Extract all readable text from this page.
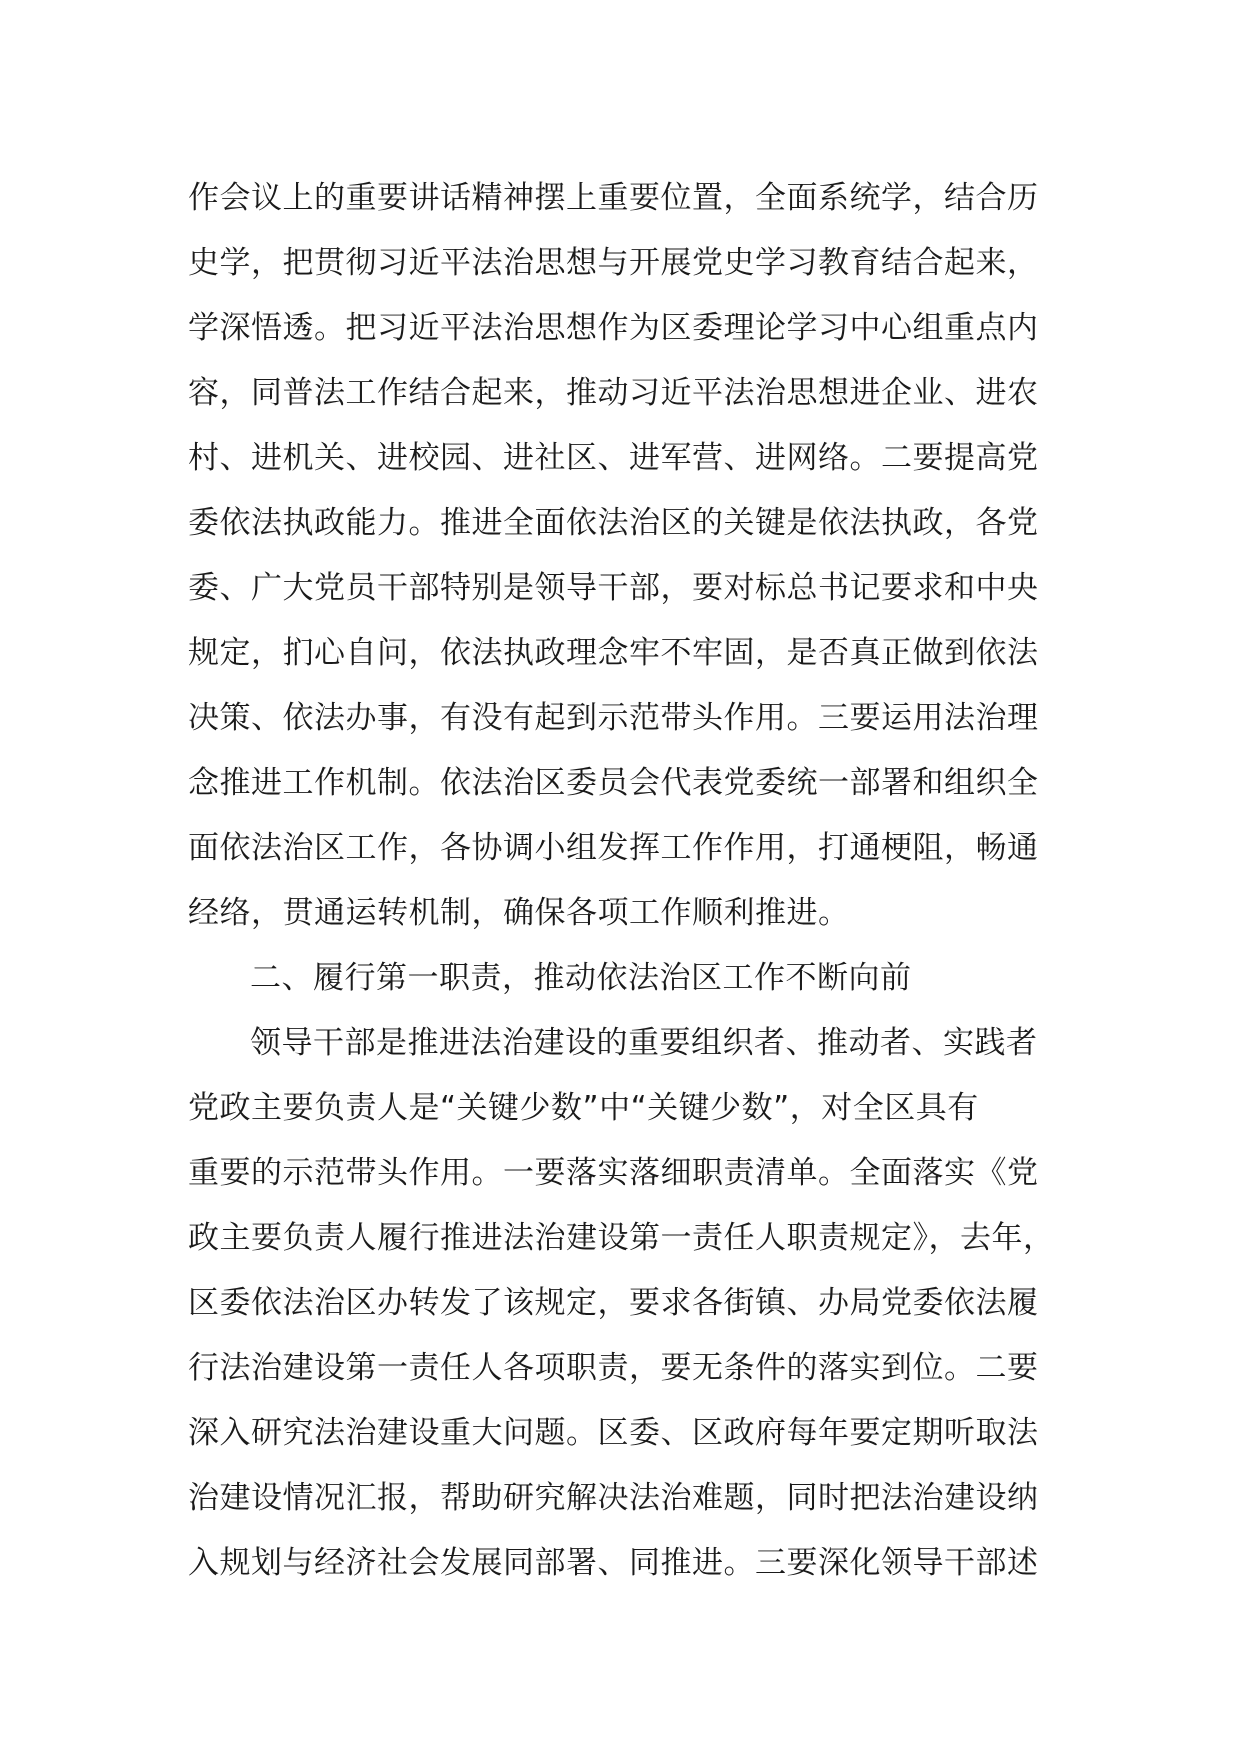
作会议上的重要讲话精神摆上重要位置，全面系统学，结合历
史学，把贯彻习近平法治思想与开展党史学习教育结合起来，
学深悟透。把习近平法治思想作为区委理论学习中心组重点内
容，同普法工作结合起来，推动习近平法治思想进企业、进农
村、进机关、进校园、进社区、进军营、进网络。二要提高党
委依法执政能力。推进全面依法治区的关键是依法执政，各党
委、广大党员干部特别是领导干部，要对标总书记要求和中央
规定，扪心自问，依法执政理念牢不牢固，是否真正做到依法
决策、依法办事，有没有起到示范带头作用。三要运用法治理
念推进工作机制。依法治区委员会代表党委统一部署和组织全
面依法治区工作，各协调小组发挥工作作用，打通梗阻，畅通
经络，贯通运转机制，确保各项工作顺利推进。
二、履行第一职责，推动依法治区工作不断向前
领导干部是推进法治建设的重要组织者、推动者、实践者
党政主要负责人是“关键少数”中“关键少数”，对全区具有
重要的示范带头作用。一要落实落细职责清单。全面落实《党
政主要负责人履行推进法治建设第一责任人职责规定》，去年，
区委依法治区办转发了该规定，要求各街镇、办局党委依法履
行法治建设第一责任人各项职责，要无条件的落实到位。二要
深入研究法治建设重大问题。区委、区政府每年要定期听取法
治建设情况汇报，帮助研究解决法治难题，同时把法治建设纳
入规划与经济社会发展同部署、同推进。三要深化领导干部述
